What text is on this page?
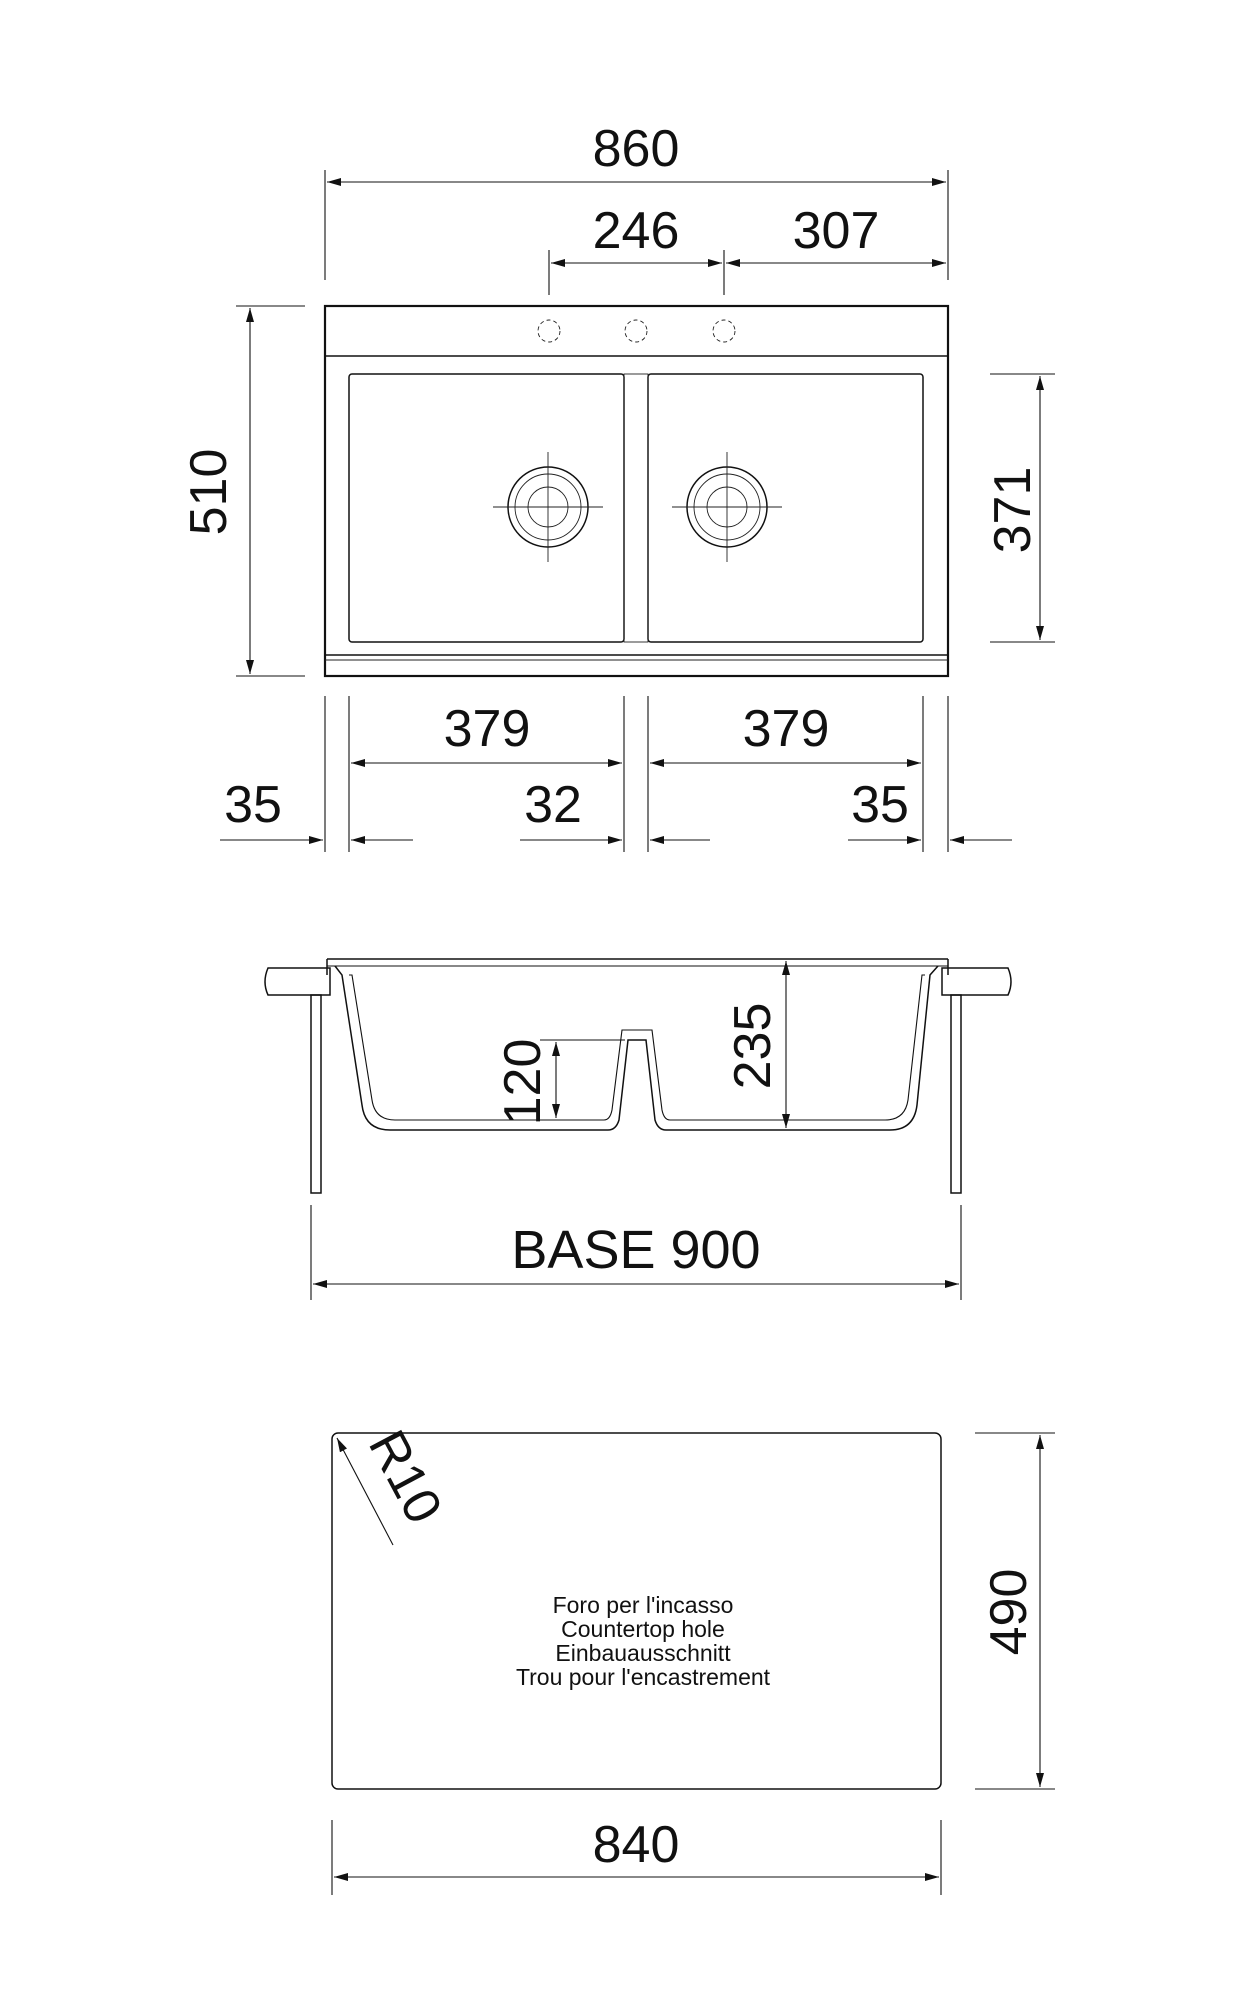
860
246 307
510	371
379	379
35	32	35
120	235
BASE 900
R10
Foro per l'incasso
Countertop hole
Einbauausschnitt
Trou pour l'encastrement
490
840
